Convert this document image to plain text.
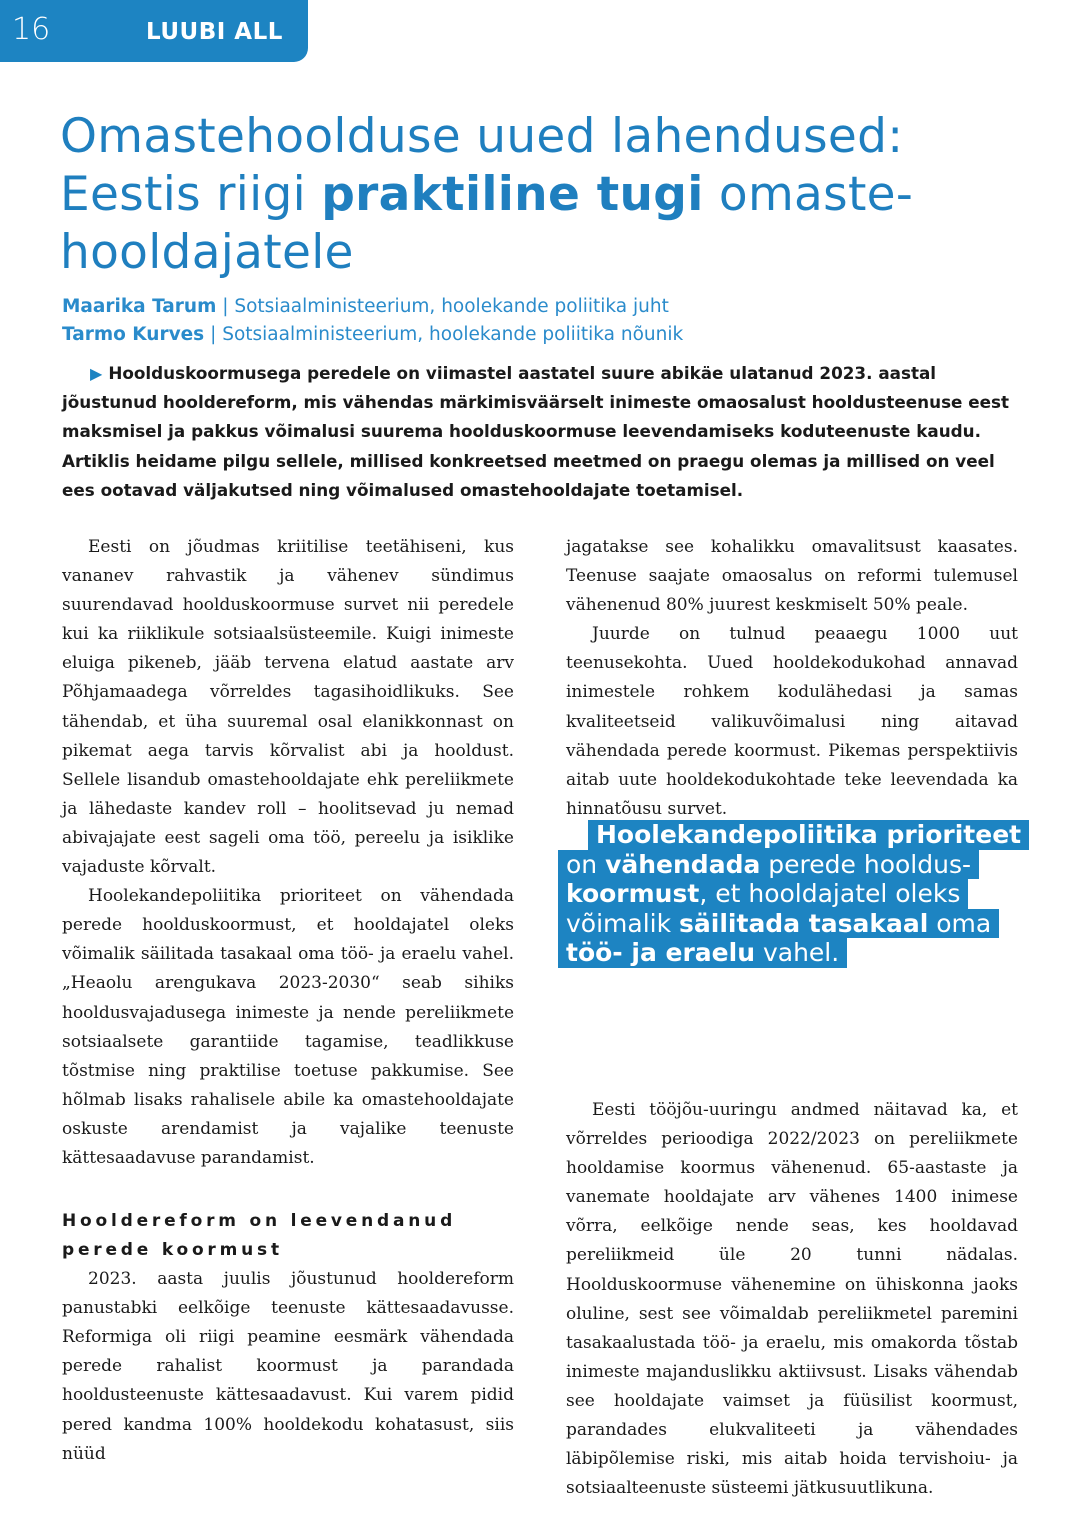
16	LUUBI ALL
Omastehoolduse uued lahendused:
Eestis riigi praktiline tugi omaste-
hooldajatele
Maarika Tarum | Sotsiaalministeerium, hoolekande poliitika juht
Tarmo Kurves | Sotsiaalministeerium, hoolekande poliitika nõunik

▶ Hoolduskoormusega peredele on viimastel aastatel suure abikäe ulatanud 2023. aastal jõustunud hooldereform, mis vähendas märkimisväärselt inimeste omaosalust hooldusteenuse eest maksmisel ja pakkus võimalusi suurema hoolduskoormuse leevendamiseks koduteenuste kaudu. Artiklis heidame pilgu sellele, millised konkreetsed meetmed on praegu olemas ja millised on veel ees ootavad väljakutsed ning võimalused omastehooldajate toetamisel.

Eesti on jõudmas kriitilise teetähiseni, kus vananev rahvastik ja vähenev sündimus suurendavad hoolduskoormuse survet nii peredele kui ka riiklikule sotsiaalsüsteemile. Kuigi inimeste eluiga pikeneb, jääb tervena elatud aastate arv Põhjamaadega võrreldes tagasihoidlikuks. See tähendab, et üha suuremal osal elanikkonnast on pikemat aega tarvis kõrvalist abi ja hooldust. Sellele lisandub omastehooldajate ehk pereliikmete ja lähedaste kandev roll – hoolitsevad ju nemad abivajajate eest sageli oma töö, pereelu ja isiklike vajaduste kõrvalt.

Hoolekandepoliitika prioriteet on vähendada perede hoolduskoormust, et hooldajatel oleks võimalik säilitada tasakaal oma töö- ja eraelu vahel. „Heaolu arengukava 2023-2030“ seab sihiks hooldusvajadusega inimeste ja nende pereliikmete sotsiaalsete garantiide tagamise, teadlikkuse tõstmise ning praktilise toetuse pakkumise. See hõlmab lisaks rahalisele abile ka omastehooldajate oskuste arendamist ja vajalike teenuste kättesaadavuse parandamist.

Hooldereform on leevendanud perede koormust

2023. aasta juulis jõustunud hooldereform panustabki eelkõige teenuste kättesaadavusse. Reformiga oli riigi peamine eesmärk vähendada perede rahalist koormust ja parandada hooldusteenuste kättesaadavust. Kui varem pidid pered kandma 100% hooldekodu kohatasust, siis nüüd

jagatakse see kohalikku omavalitsust kaasates. Teenuse saajate omaosalus on reformi tulemusel vähenenud 80% juurest keskmiselt 50% peale.

Juurde on tulnud peaaegu 1000 uut teenusekohta. Uued hooldekodukohad annavad inimestele rohkem kodulähedasi ja samas kvaliteetseid valikuvõimalusi ning aitavad vähendada perede koormust. Pikemas perspektiivis aitab uute hooldekodukohtade teke leevendada ka hinnatõusu survet.

Eesti tööjõu-uuringu andmed näitavad ka, et võrreldes perioodiga 2022/2023 on pereliikmete hooldamise koormus vähenenud. 65-aastaste ja vanemate hooldajate arv vähenes 1400 inimese võrra, eelkõige nende seas, kes hooldavad pereliikmeid üle 20 tunni nädalas. Hoolduskoormuse vähenemine on ühiskonna jaoks oluline, sest see võimaldab pereliikmetel paremini tasakaalustada töö- ja eraelu, mis omakorda tõstab inimeste majanduslikku aktiivsust. Lisaks vähendab see hooldajate vaimset ja füüsilist koormust, parandades elukvaliteeti ja vähendades läbipõlemise riski, mis aitab hoida tervishoiu- ja sotsiaalteenuste süsteemi jätkusuutlikuna.

Hoolekandepoliitika prioriteet
on vähendada perede hooldus-
koormust, et hooldajatel oleks
võimalik säilitada tasakaal oma
töö- ja eraelu vahel.
